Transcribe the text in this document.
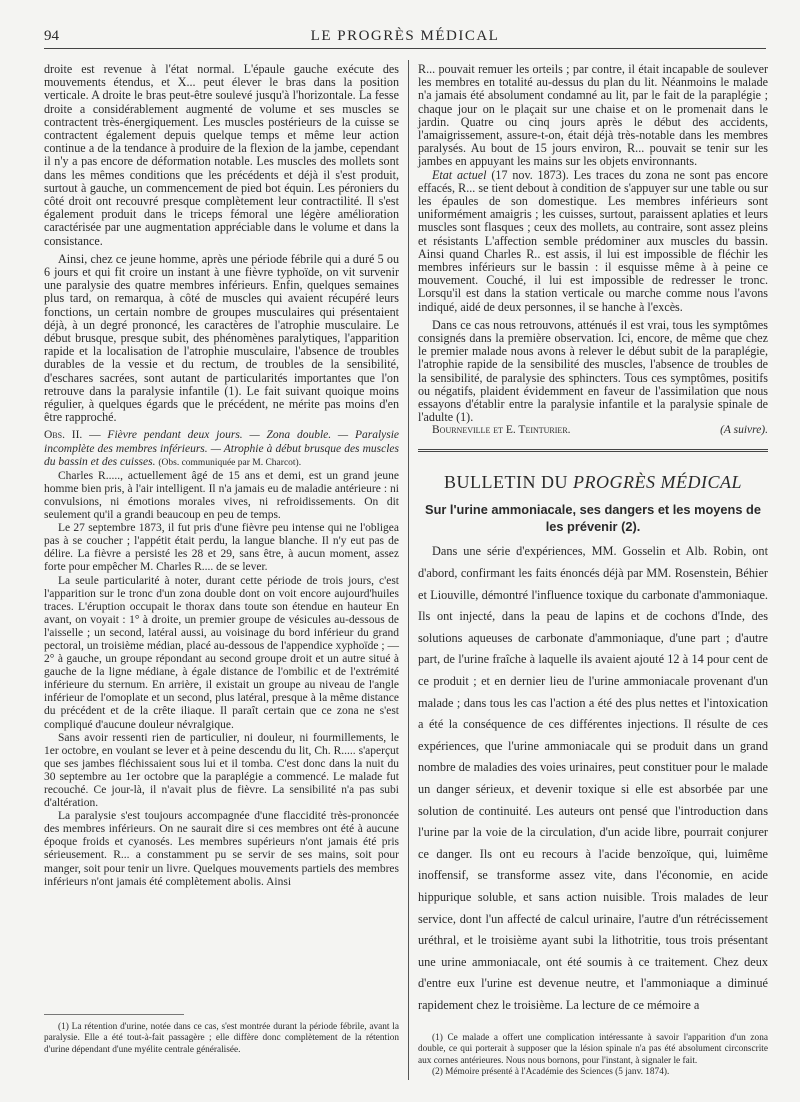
94	LE PROGRÈS MÉDICAL

droite est revenue à l'état normal. L'épaule gauche exécute des mouvements étendus, et X... peut élever le bras dans la position verticale. A droite le bras peut-être soulevé jusqu'à l'horizontale. La fesse droite a considérablement augmenté de volume et ses muscles se contractent très-énergiquement. Les muscles postérieurs de la cuisse se contractent également depuis quelque temps et même leur action continue a de la tendance à produire de la flexion de la jambe, cependant il n'y a pas encore de déformation notable. Les muscles des mollets sont dans les mêmes conditions que les précédents et déjà il s'est produit, surtout à gauche, un commencement de pied bot équin. Les péroniers du côté droit ont recouvré presque complètement leur contractilité. Il s'est également produit dans le triceps fémoral une légère amélioration caractérisée par une augmentation appréciable dans le volume et dans la consistance.

Ainsi, chez ce jeune homme, après une période fébrile qui a duré 5 ou 6 jours et qui fit croire un instant à une fièvre typhoïde, on vit survenir une paralysie des quatre membres inférieurs. Enfin, quelques semaines plus tard, on remarqua, à côté de muscles qui avaient récupéré leurs fonctions, un certain nombre de groupes musculaires qui présentaient déjà, à un degré prononcé, les caractères de l'atrophie musculaire. Le début brusque, presque subit, des phénomènes paralytiques, l'apparition rapide et la localisation de l'atrophie musculaire, l'absence de troubles durables de la vessie et du rectum, de troubles de la sensibilité, d'eschares sacrées, sont autant de particularités importantes que l'on retrouve dans la paralysie infantile (1). Le fait suivant quoique moins régulier, à quelques égards que le précédent, ne mérite pas moins d'en être rapproché.

Obs. II. — Fièvre pendant deux jours. — Zona double. — Paralysie incomplète des membres inférieurs. — Atrophie à début brusque des muscles du bassin et des cuisses. (Obs. communiquée par M. Charcot).

Charles R....., actuellement âgé de 15 ans et demi, est un grand jeune homme bien pris, à l'air intelligent. Il n'a jamais eu de maladie antérieure : ni convulsions, ni émotions morales vives, ni refroidissements. On dit seulement qu'il a grandi beaucoup en peu de temps.

Le 27 septembre 1873, il fut pris d'une fièvre peu intense qui ne l'obligea pas à se coucher ; l'appétit était perdu, la langue blanche. Il n'y eut pas de délire. La fièvre a persisté les 28 et 29, sans être, à aucun moment, assez forte pour empêcher M. Charles R.... de se lever.

La seule particularité à noter, durant cette période de trois jours, c'est l'apparition sur le tronc d'un zona double dont on voit encore aujourd'huiles traces. L'éruption occupait le thorax dans toute son étendue en hauteur En avant, on voyait : 1° à droite, un premier groupe de vésicules au-dessous de l'aisselle ; un second, latéral aussi, au voisinage du bord inférieur du grand pectoral, un troisième médian, placé au-dessous de l'appendice xyphoïde ; — 2° à gauche, un groupe répondant au second groupe droit et un autre situé à gauche de la ligne médiane, à égale distance de l'ombilic et de l'extrémité inférieure du sternum. En arrière, il existait un groupe au niveau de l'angle inférieur de l'omoplate et un second, plus latéral, presque à la même distance du précédent et de la crête iliaque. Il paraît certain que ce zona ne s'est compliqué d'aucune douleur névralgique.

Sans avoir ressenti rien de particulier, ni douleur, ni fourmillements, le 1er octobre, en voulant se lever et à peine descendu du lit, Ch. R..... s'aperçut que ses jambes fléchissaient sous lui et il tomba. C'est donc dans la nuit du 30 septembre au 1er octobre que la paraplégie a commencé. Le malade fut recouché. Ce jour-là, il n'avait plus de fièvre. La sensibilité n'a pas subi d'altération.

La paralysie s'est toujours accompagnée d'une flaccidité très-prononcée des membres inférieurs. On ne saurait dire si ces membres ont été à aucune époque froids et cyanosés. Les membres supérieurs n'ont jamais été pris sérieusement. R... a constamment pu se servir de ses mains, soit pour manger, soit pour tenir un livre. Quelques mouvements partiels des membres inférieurs n'ont jamais été complètement abolis. Ainsi

(1) La rétention d'urine, notée dans ce cas, s'est montrée durant la période fébrile, avant la paralysie. Elle a été tout-à-fait passagère ; elle diffère donc complètement de la rétention d'urine dépendant d'une myélite centrale généralisée.

R... pouvait remuer les orteils ; par contre, il était incapable de soulever les membres en totalité au-dessus du plan du lit. Néanmoins le malade n'a jamais été absolument condamné au lit, par le fait de la paraplégie ; chaque jour on le plaçait sur une chaise et on le promenait dans le jardin. Quatre ou cinq jours après le début des accidents, l'amaigrissement, assure-t-on, était déjà très-notable dans les membres paralysés. Au bout de 15 jours environ, R... pouvait se tenir sur les jambes en appuyant les mains sur les objets environnants.

Etat actuel (17 nov. 1873). Les traces du zona ne sont pas encore effacés, R... se tient debout à condition de s'appuyer sur une table ou sur les épaules de son domestique. Les membres inférieurs sont uniformément amaigris ; les cuisses, surtout, paraissent aplaties et leurs muscles sont flasques ; ceux des mollets, au contraire, sont assez pleins et résistants L'affection semble prédominer aux muscles du bassin. Ainsi quand Charles R.. est assis, il lui est impossible de fléchir les membres inférieurs sur le bassin : il esquisse même à à peine ce mouvement. Couché, il lui est impossible de redresser le tronc. Lorsqu'il est dans la station verticale ou marche comme nous l'avons indiqué, aidé de deux personnes, il se hanche à l'excès.

Dans ce cas nous retrouvons, atténués il est vrai, tous les symptômes consignés dans la première observation. Ici, encore, de même que chez le premier malade nous avons à relever le début subit de la paraplégie, l'atrophie rapide de la sensibilité des muscles, l'absence de troubles de la sensibilité, de paralysie des sphincters. Tous ces symptômes, positifs ou négatifs, plaident évidemment en faveur de l'assimilation que nous essayons d'établir entre la paralysie infantile et la paralysie spinale de l'adulte (1).

Bourneville et E. Teinturier.	(A suivre).
BULLETIN DU PROGRÈS MÉDICAL
Sur l'urine ammoniacale, ses dangers et les moyens de les prévenir (2).

Dans une série d'expériences, MM. Gosselin et Alb. Robin, ont d'abord, confirmant les faits énoncés déjà par MM. Rosenstein, Béhier et Liouville, démontré l'influence toxique du carbonate d'ammoniaque. Ils ont injecté, dans la peau de lapins et de cochons d'Inde, des solutions aqueuses de carbonate d'ammoniaque, d'une part ; d'autre part, de l'urine fraîche à laquelle ils avaient ajouté 12 à 14 pour cent de ce produit ; et en dernier lieu de l'urine ammoniacale provenant d'un malade ; dans tous les cas l'action a été des plus nettes et l'intoxication a été la conséquence de ces différentes injections. Il résulte de ces expériences, que l'urine ammoniacale qui se produit dans un grand nombre de maladies des voies urinaires, peut constituer pour le malade un danger sérieux, et devenir toxique si elle est absorbée par une solution de continuité. Les auteurs ont pensé que l'introduction dans l'urine par la voie de la circulation, d'un acide libre, pourrait conjurer ce danger. Ils ont eu recours à l'acide benzoïque, qui, luimême inoffensif, se transforme assez vite, dans l'économie, en acide hippurique soluble, et sans action nuisible. Trois malades de leur service, dont l'un affecté de calcul urinaire, l'autre d'un rétrécissement uréthral, et le troisième ayant subi la lithotritie, tous trois présentant une urine ammoniacale, ont été soumis à ce traitement. Chez deux d'entre eux l'urine est devenue neutre, et l'ammoniaque a diminué rapidement chez le troisième. La lecture de ce mémoire a

(1) Ce malade a offert une complication intéressante à savoir l'apparition d'un zona double, ce qui porterait à supposer que la lésion spinale n'a pas été absolument circonscrite aux cornes antérieures. Nous nous bornons, pour l'instant, à signaler le fait.

(2) Mémoire présenté à l'Académie des Sciences (5 janv. 1874).
